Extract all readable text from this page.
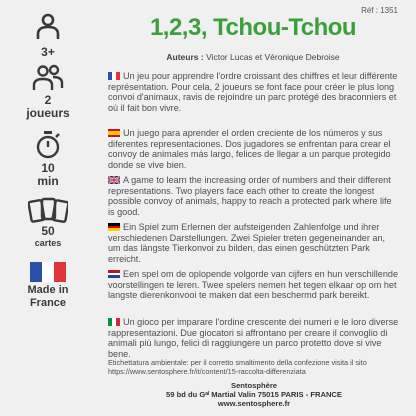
3+
2
joueurs
10
min
50
cartes
Made in
France
Réf : 1351
1,2,3, Tchou-Tchou
Auteurs : Victor Lucas et Véronique Debroise
Un jeu pour apprendre l'ordre croissant des chiffres et leur différente représentation. Pour cela, 2 joueurs se font face pour créer le plus long convoi d'animaux, ravis de rejoindre un parc protégé des braconniers et où il fait bon vivre.
Un juego para aprender el orden creciente de los números y sus diferentes representaciones. Dos jugadores se enfrentan para crear el convoy de animales más largo, felices de llegar a un parque protegido donde se vive bien.
A game to learn the increasing order of numbers and their different representations. Two players face each other to create the longest possible convoy of animals, happy to reach a protected park where life is good.
Ein Spiel zum Erlernen der aufsteigenden Zahlenfolge und ihrer verschiedenen Darstellungen. Zwei Spieler treten gegeneinander an, um das längste Tierkonvoi zu bilden, das einen geschützten Park erreicht.
Een spel om de oplopende volgorde van cijfers en hun verschillende voorstellingen te leren. Twee spelers nemen het tegen elkaar op om het langste dierenkonvooi te maken dat een beschermd park bereikt.
Un gioco per imparare l'ordine crescente dei numeri e le loro diverse rappresentazioni. Due giocatori si affrontano per creare il convoglio di animali più lungo, felici di raggiungere un parco protetto dove si vive bene.
Etichettatura ambientale: per il corretto smaltimento della confezione visita il sito https://www.sentosphere.fr/it/content/15-raccolta-differenziata
Sentosphère
59 bd du Gᵃˡ Martial Valin 75015 PARIS - FRANCE
www.sentosphere.fr
